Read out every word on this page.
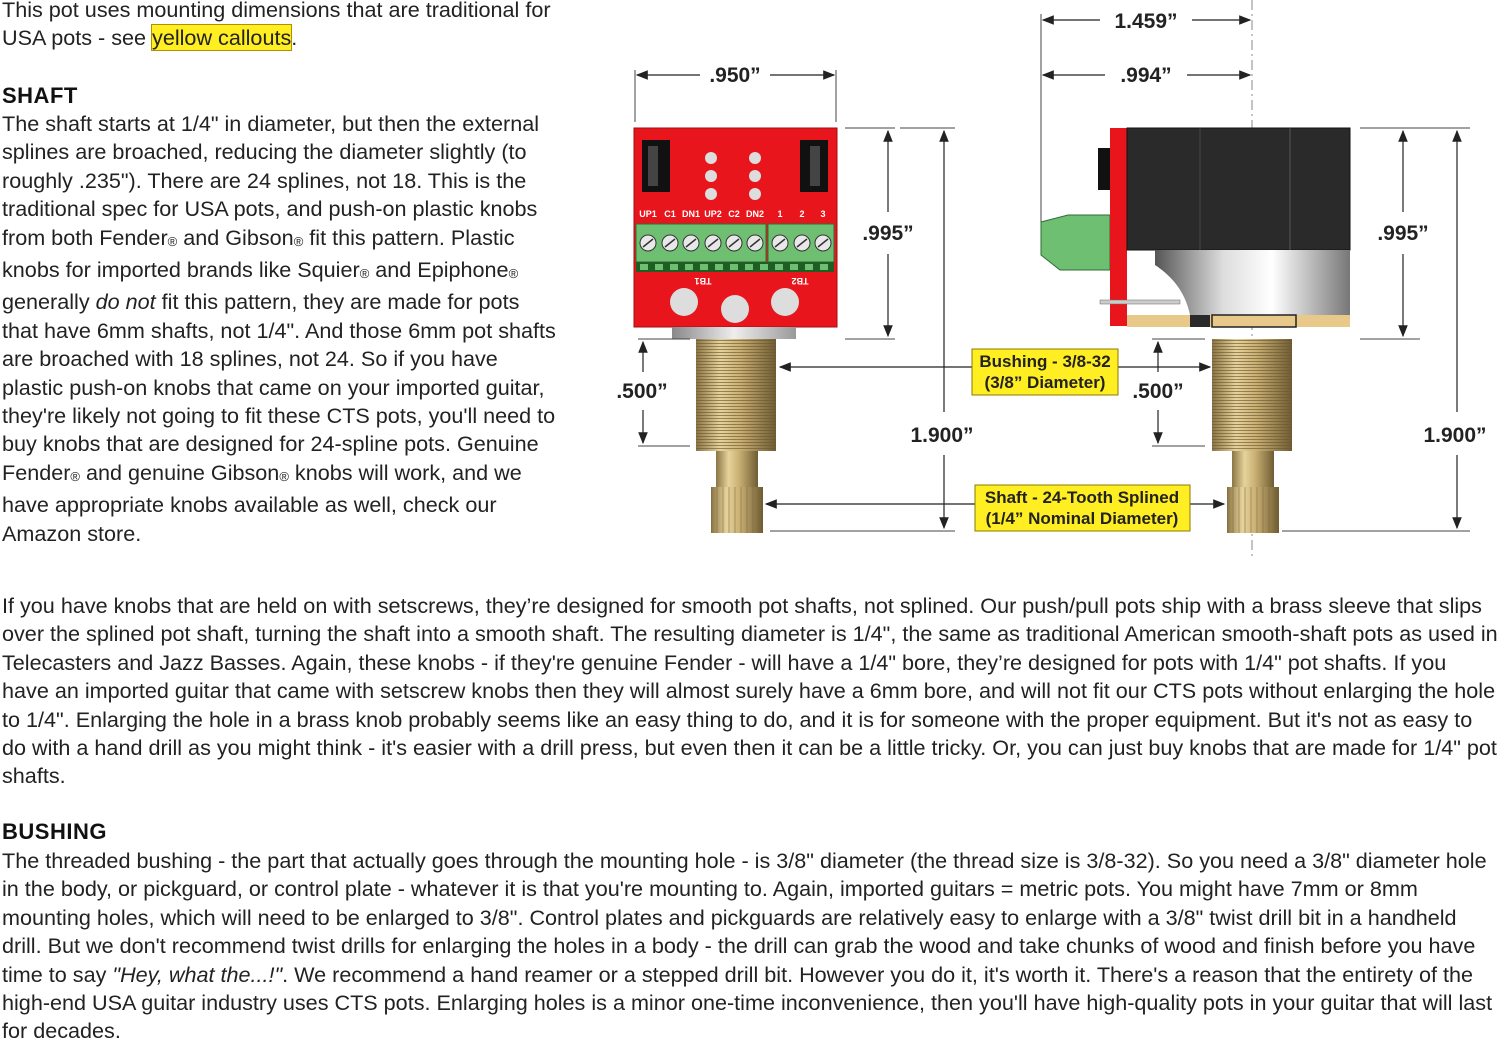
This pot uses mounting dimensions that are traditional for USA pots - see yellow callouts.

SHAFT

The shaft starts at 1/4" in diameter, but then the external splines are broached, reducing the diameter slightly (to roughly .235"). There are 24 splines, not 18. This is the traditional spec for USA pots, and push-on plastic knobs from both Fender® and Gibson® fit this pattern. Plastic knobs for imported brands like Squier® and Epiphone® generally do not fit this pattern, they are made for pots that have 6mm shafts, not 1/4". And those 6mm pot shafts are broached with 18 splines, not 24. So if you have plastic push-on knobs that came on your imported guitar, they're likely not going to fit these CTS pots, you'll need to buy knobs that are designed for 24-spline pots. Genuine Fender® and genuine Gibson® knobs will work, and we have appropriate knobs available as well, check our Amazon store.

If you have knobs that are held on with setscrews, they’re designed for smooth pot shafts, not splined. Our push/pull pots ship with a brass sleeve that slips over the splined pot shaft, turning the shaft into a smooth shaft. The resulting diameter is 1/4", the same as traditional American smooth-shaft pots as used in Telecasters and Jazz Basses. Again, these knobs - if they're genuine Fender - will have a 1/4" bore, they’re designed for pots with 1/4" pot shafts. If you have an imported guitar that came with setscrew knobs then they will almost surely have a 6mm bore, and will not fit our CTS pots without enlarging the hole to 1/4". Enlarging the hole in a brass knob probably seems like an easy thing to do, and it is for someone with the proper equipment. But it's not as easy to do with a hand drill as you might think - it's easier with a drill press, but even then it can be a little tricky. Or, you can just buy knobs that are made for 1/4" pot shafts.

BUSHING

The threaded bushing - the part that actually goes through the mounting hole - is 3/8" diameter (the thread size is 3/8-32). So you need a 3/8" diameter hole in the body, or pickguard, or control plate - whatever it is that you're mounting to. Again, imported guitars = metric pots. You might have 7mm or 8mm mounting holes, which will need to be enlarged to 3/8". Control plates and pickguards are relatively easy to enlarge with a 3/8" twist drill bit in a handheld drill. But we don't recommend twist drills for enlarging the holes in a body - the drill can grab the wood and take chunks of wood and finish before you have time to say "Hey, what the...!". We recommend a hand reamer or a stepped drill bit. However you do it, it's worth it. There's a reason that the entirety of the high-end USA guitar industry uses CTS pots. Enlarging holes is a minor one-time inconvenience, then you'll have high-quality pots in your guitar that will last for decades.

.950”
UP1 C1 DN1 UP2 C2 DN2 1 2 3
TB1	TB2
.995”
.500”
1.900”
1.459”
.994”
.995”
.500”
1.900”
Bushing - 3/8-32
(3/8” Diameter)
Shaft - 24-Tooth Splined
(1/4” Nominal Diameter)
